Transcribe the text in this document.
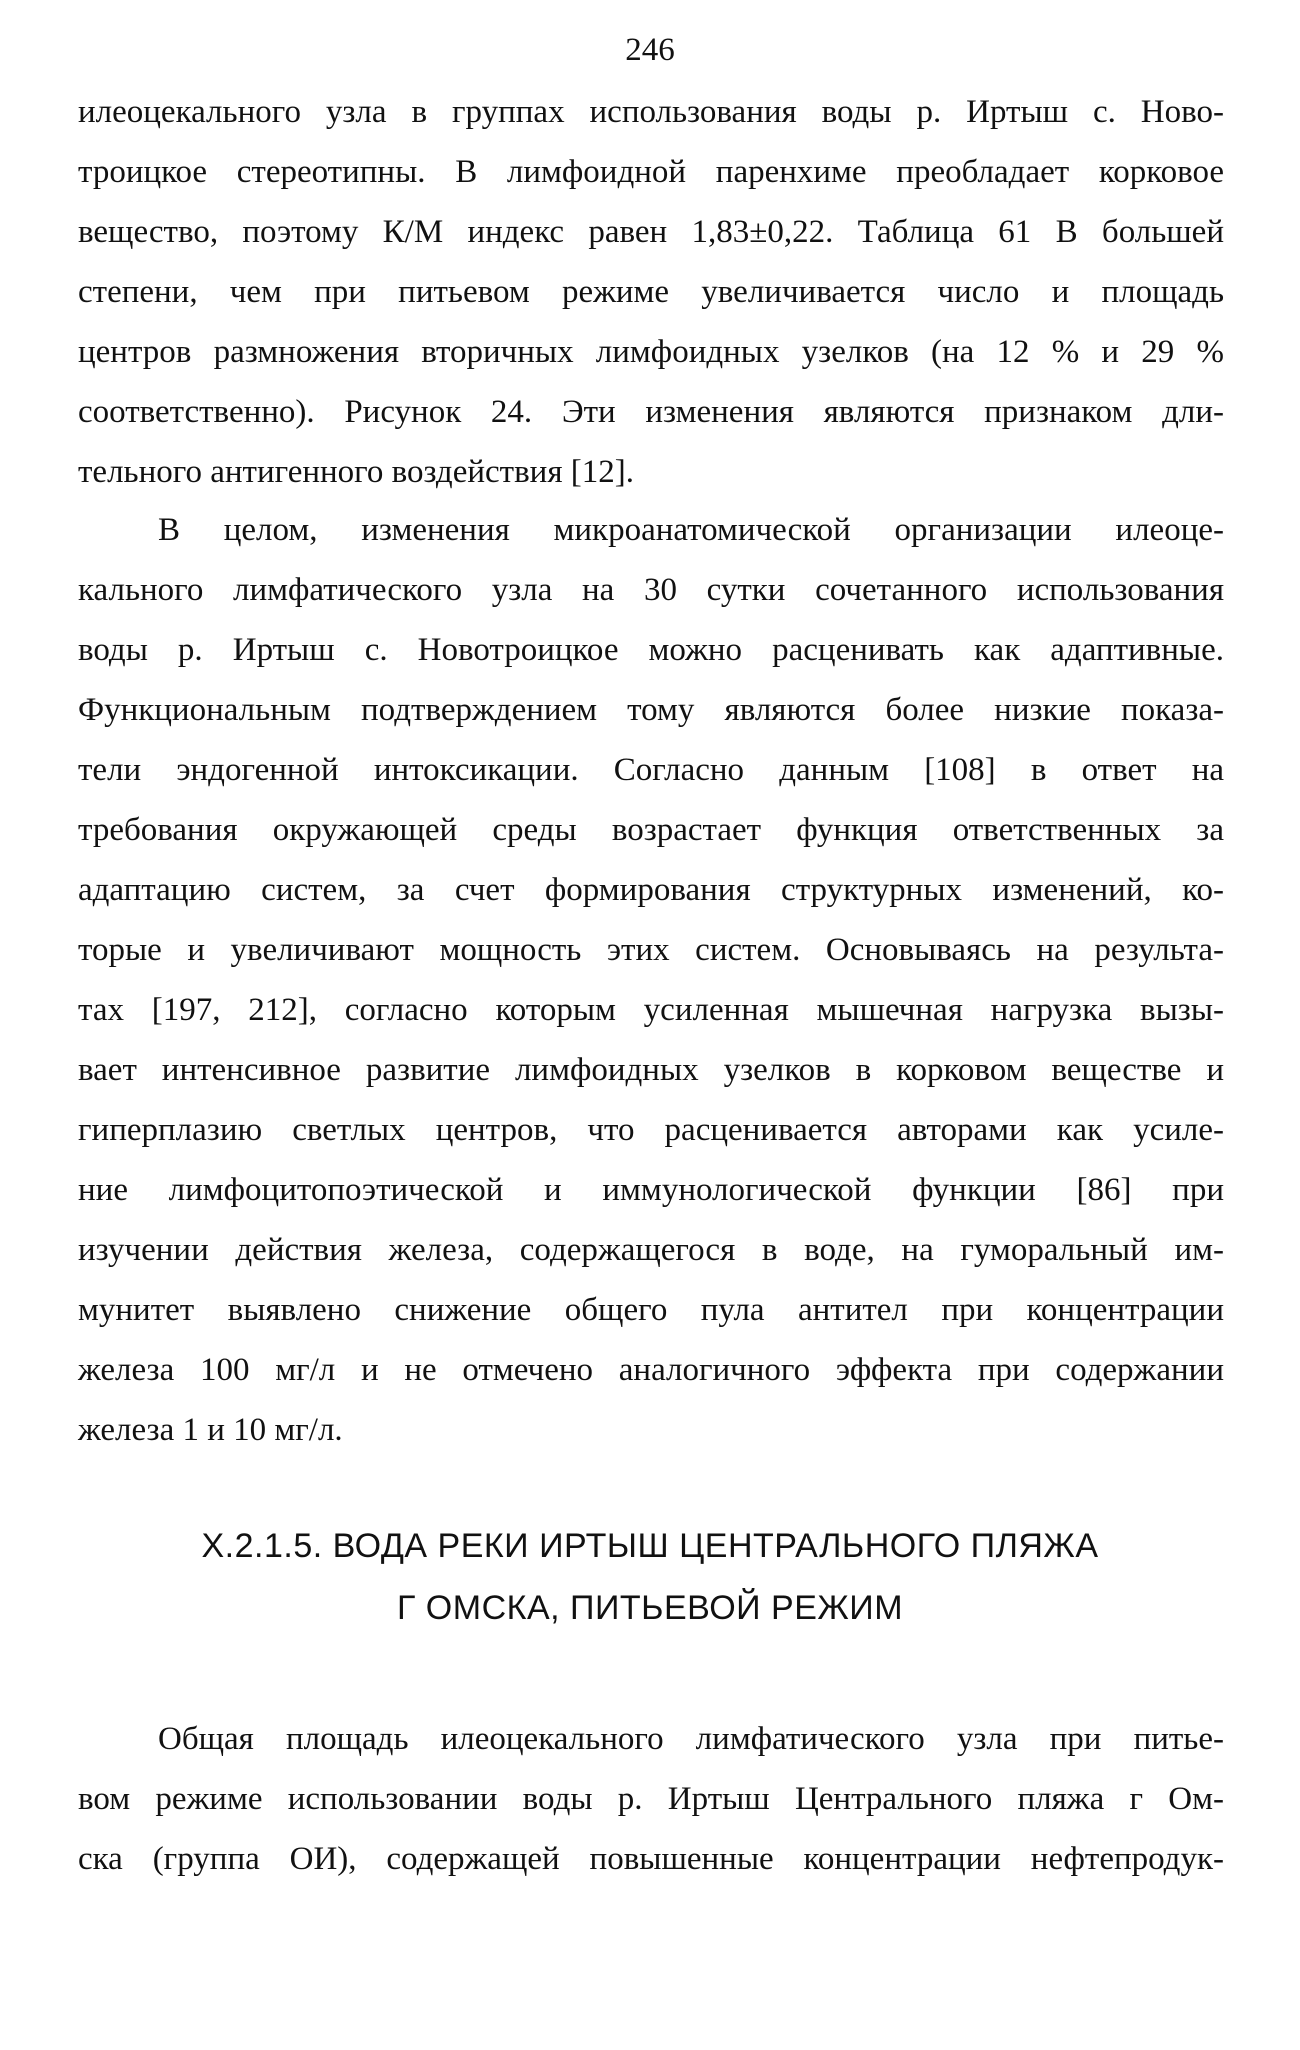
246
илеоцекального узла в группах использования воды р. Иртыш с. Ново-
троицкое стереотипны. В лимфоидной паренхиме преобладает корковое
вещество, поэтому К/М индекс равен 1,83±0,22. Таблица 61 В большей
степени, чем при питьевом режиме увеличивается число и площадь
центров размножения вторичных лимфоидных узелков (на 12 % и 29 %
соответственно). Рисунок 24. Эти изменения являются признаком дли-
тельного антигенного воздействия [12].
В целом, изменения микроанатомической организации илеоце-
кального лимфатического узла на 30 сутки сочетанного использования
воды р. Иртыш с. Новотроицкое можно расценивать как адаптивные.
Функциональным подтверждением тому являются более низкие показа-
тели эндогенной интоксикации. Согласно данным [108] в ответ на
требования окружающей среды возрастает функция ответственных за
адаптацию систем, за счет формирования структурных изменений, ко-
торые и увеличивают мощность этих систем. Основываясь на результа-
тах [197, 212], согласно которым усиленная мышечная нагрузка вызы-
вает интенсивное развитие лимфоидных узелков в корковом веществе и
гиперплазию светлых центров, что расценивается авторами как усиле-
ние лимфоцитопоэтической и иммунологической функции [86] при
изучении действия железа, содержащегося в воде, на гуморальный им-
мунитет выявлено снижение общего пула антител при концентрации
железа 100 мг/л и не отмечено аналогичного эффекта при содержании
железа 1 и 10 мг/л.
X.2.1.5. ВОДА РЕКИ ИРТЫШ ЦЕНТРАЛЬНОГО ПЛЯЖА
Г ОМСКА, ПИТЬЕВОЙ РЕЖИМ
Общая площадь илеоцекального лимфатического узла при питье-
вом режиме использовании воды р. Иртыш Центрального пляжа г Ом-
ска (группа ОИ), содержащей повышенные концентрации нефтепродук-
